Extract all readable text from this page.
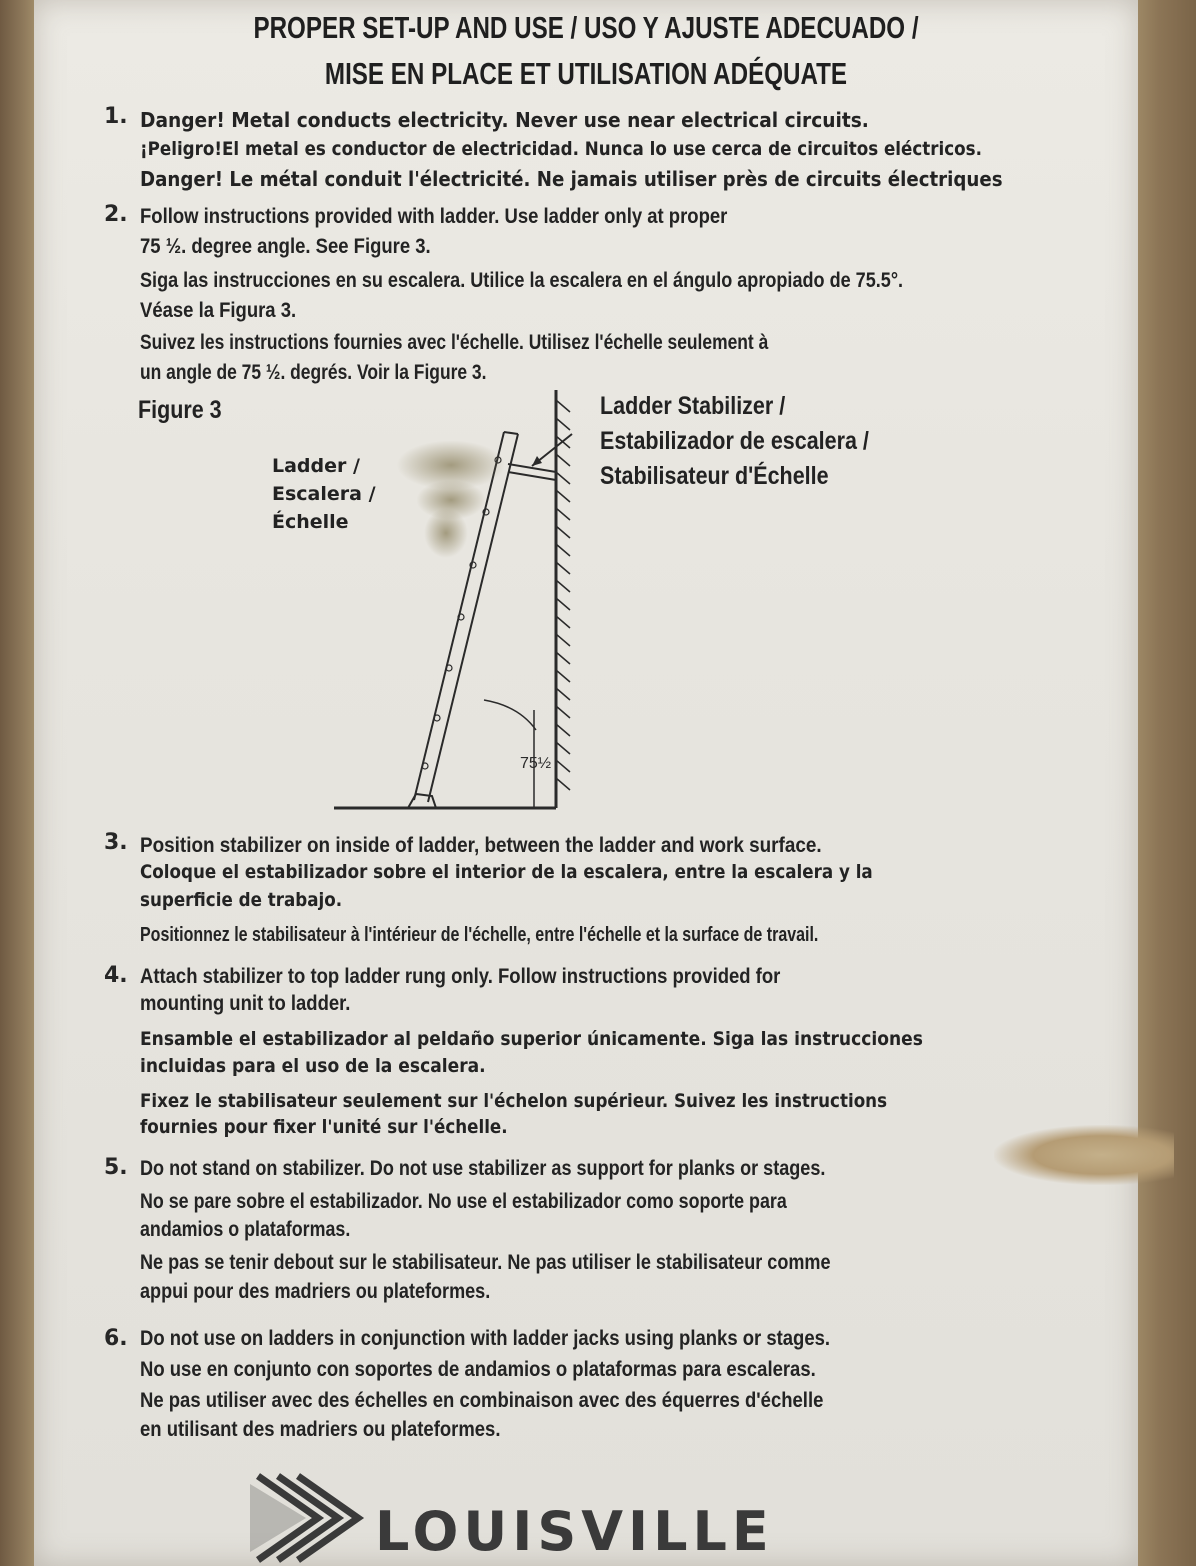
PROPER SET-UP AND USE / USO Y AJUSTE ADECUADO /
MISE EN PLACE ET UTILISATION ADÉQUATE
1. Danger! Metal conducts electricity. Never use near electrical circuits.
¡Peligro!El metal es conductor de electricidad. Nunca lo use cerca de circuitos eléctricos.
Danger! Le métal conduit l'électricité. Ne jamais utiliser près de circuits électriques
2. Follow instructions provided with ladder. Use ladder only at proper
75 ½. degree angle. See Figure 3.
Siga las instrucciones en su escalera. Utilice la escalera en el ángulo apropiado de 75.5°.
Véase la Figura 3.
Suivez les instructions fournies avec l'échelle. Utilisez l'échelle seulement à
un angle de 75 ½. degrés. Voir la Figure 3.
Figure 3	Ladder Stabilizer /
Estabilizador de escalera /
Stabilisateur d'Échelle
Ladder /
Escalera /
Échelle
75½
3. Position stabilizer on inside of ladder, between the ladder and work surface.
Coloque el estabilizador sobre el interior de la escalera, entre la escalera y la
superficie de trabajo.
Positionnez le stabilisateur à l'intérieur de l'échelle, entre l'échelle et la surface de travail.
4. Attach stabilizer to top ladder rung only. Follow instructions provided for
mounting unit to ladder.
Ensamble el estabilizador al peldaño superior únicamente. Siga las instrucciones
incluidas para el uso de la escalera.
Fixez le stabilisateur seulement sur l'échelon supérieur. Suivez les instructions
fournies pour fixer l'unité sur l'échelle.
5. Do not stand on stabilizer. Do not use stabilizer as support for planks or stages.
No se pare sobre el estabilizador. No use el estabilizador como soporte para
andamios o plataformas.
Ne pas se tenir debout sur le stabilisateur. Ne pas utiliser le stabilisateur comme
appui pour des madriers ou plateformes.
6. Do not use on ladders in conjunction with ladder jacks using planks or stages.
No use en conjunto con soportes de andamios o plataformas para escaleras.
Ne pas utiliser avec des échelles en combinaison avec des équerres d'échelle
en utilisant des madriers ou plateformes.
LOUISVILLE
